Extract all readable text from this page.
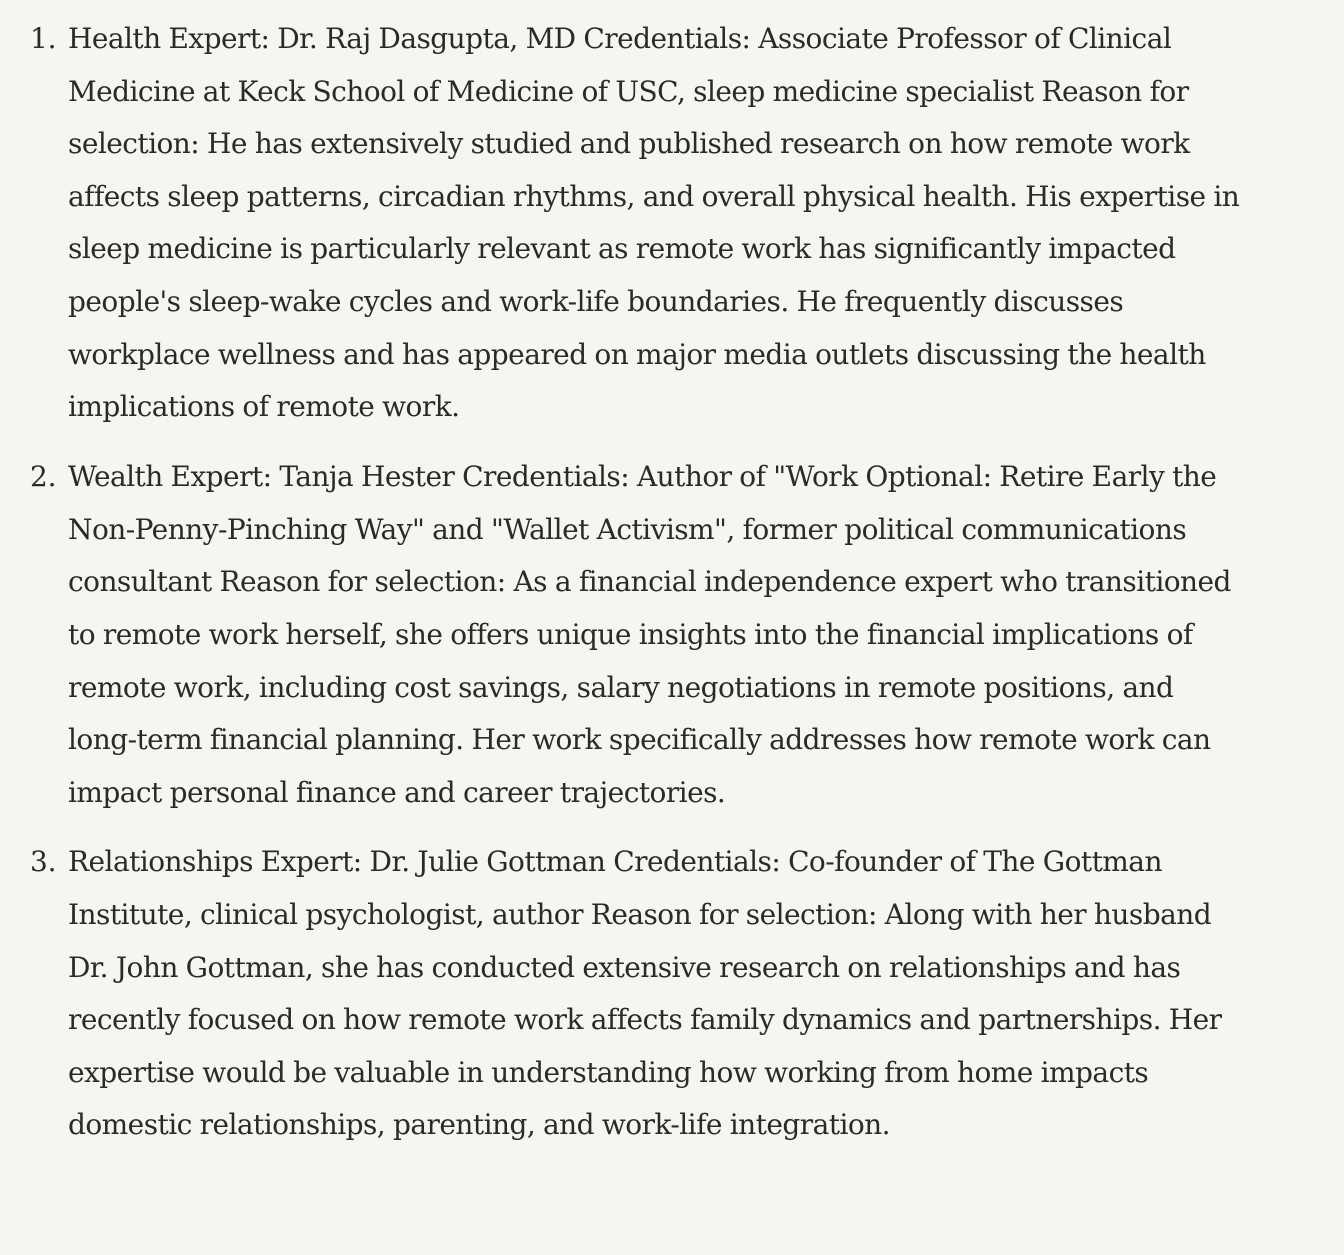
1. Health Expert: Dr. Raj Dasgupta, MD Credentials: Associate Professor of Clinical
Medicine at Keck School of Medicine of USC, sleep medicine specialist Reason for
selection: He has extensively studied and published research on how remote work
affects sleep patterns, circadian rhythms, and overall physical health. His expertise in
sleep medicine is particularly relevant as remote work has significantly impacted
people's sleep-wake cycles and work-life boundaries. He frequently discusses
workplace wellness and has appeared on major media outlets discussing the health
implications of remote work.
2. Wealth Expert: Tanja Hester Credentials: Author of "Work Optional: Retire Early the
Non-Penny-Pinching Way" and "Wallet Activism", former political communications
consultant Reason for selection: As a financial independence expert who transitioned
to remote work herself, she offers unique insights into the financial implications of
remote work, including cost savings, salary negotiations in remote positions, and
long-term financial planning. Her work specifically addresses how remote work can
impact personal finance and career trajectories.
3. Relationships Expert: Dr. Julie Gottman Credentials: Co-founder of The Gottman
Institute, clinical psychologist, author Reason for selection: Along with her husband
Dr. John Gottman, she has conducted extensive research on relationships and has
recently focused on how remote work affects family dynamics and partnerships. Her
expertise would be valuable in understanding how working from home impacts
domestic relationships, parenting, and work-life integration.
